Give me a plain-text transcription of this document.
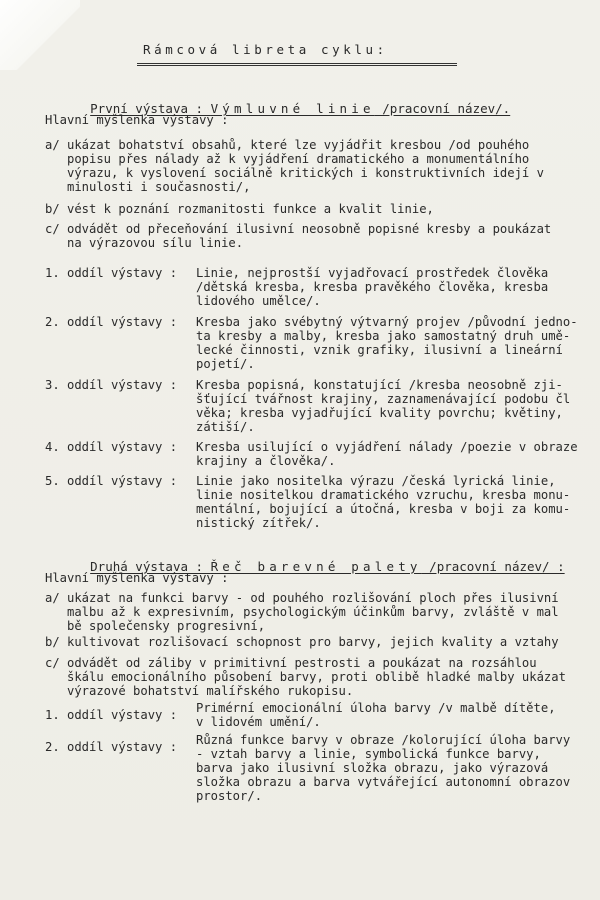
Rámcová libreta cyklu:

První výstava : Výmluvné linie /pracovní název/.

Hlavní myšlenka výstavy :
a/ ukázat bohatství obsahů, které lze vyjádřit kresbou /od pouhého
popisu přes nálady až k vyjádření dramatického a monumentálního
výrazu, k vyslovení sociálně kritických i konstruktivních idejí v
minulosti i současnosti/,
b/ vést k poznání rozmanitosti funkce a kvalit linie,
c/ odvádět od přeceňování ilusivní neosobně popisné kresby a poukázat
na výrazovou sílu linie.
1. oddíl výstavy : Linie, nejprostší vyjadřovací prostředek člověka
/dětská kresba, kresba pravěkého člověka, kresba
lidového umělce/.
2. oddíl výstavy : Kresba jako svébytný výtvarný projev /původní jedno-
ta kresby a malby, kresba jako samostatný druh umě-
lecké činnosti, vznik grafiky, ilusivní a lineární
pojetí/.
3. oddíl výstavy : Kresba popisná, konstatující /kresba neosobně zji-
šťující tvářnost krajiny, zaznamenávající podobu čl
věka; kresba vyjadřující kvality povrchu; květiny,
zátiší/.
4. oddíl výstavy : Kresba usilující o vyjádření nálady /poezie v obraze
krajiny a člověka/.
5. oddíl výstavy : Linie jako nositelka výrazu /česká lyrická linie,
linie nositelkou dramatického vzruchu, kresba monu-
mentální, bojující a útočná, kresba v boji za komu-
nistický zítřek/.

Druhá výstava : Řeč barevné palety /pracovní název/ :

Hlavní myšlenka výstavy :
a/ ukázat na funkci barvy - od pouhého rozlišování ploch přes ilusivní
malbu až k expresivním, psychologickým účinkům barvy, zvláště v mal
bě společensky progresivní,
b/ kultivovat rozlišovací schopnost pro barvy, jejich kvality a vztahy
c/ odvádět od záliby v primitivní pestrosti a poukázat na rozsáhlou
škálu emocionálního působení barvy, proti oblibě hladké malby ukázat
výrazové bohatství malířského rukopisu.
1. oddíl výstavy : Primérní emocionální úloha barvy /v malbě dítěte,
v lidovém umění/.
2. oddíl výstavy : Různá funkce barvy v obraze /kolorující úloha barvy
- vztah barvy a linie, symbolická funkce barvy,
barva jako ilusivní složka obrazu, jako výrazová
složka obrazu a barva vytvářející autonomní obrazov
prostor/.
